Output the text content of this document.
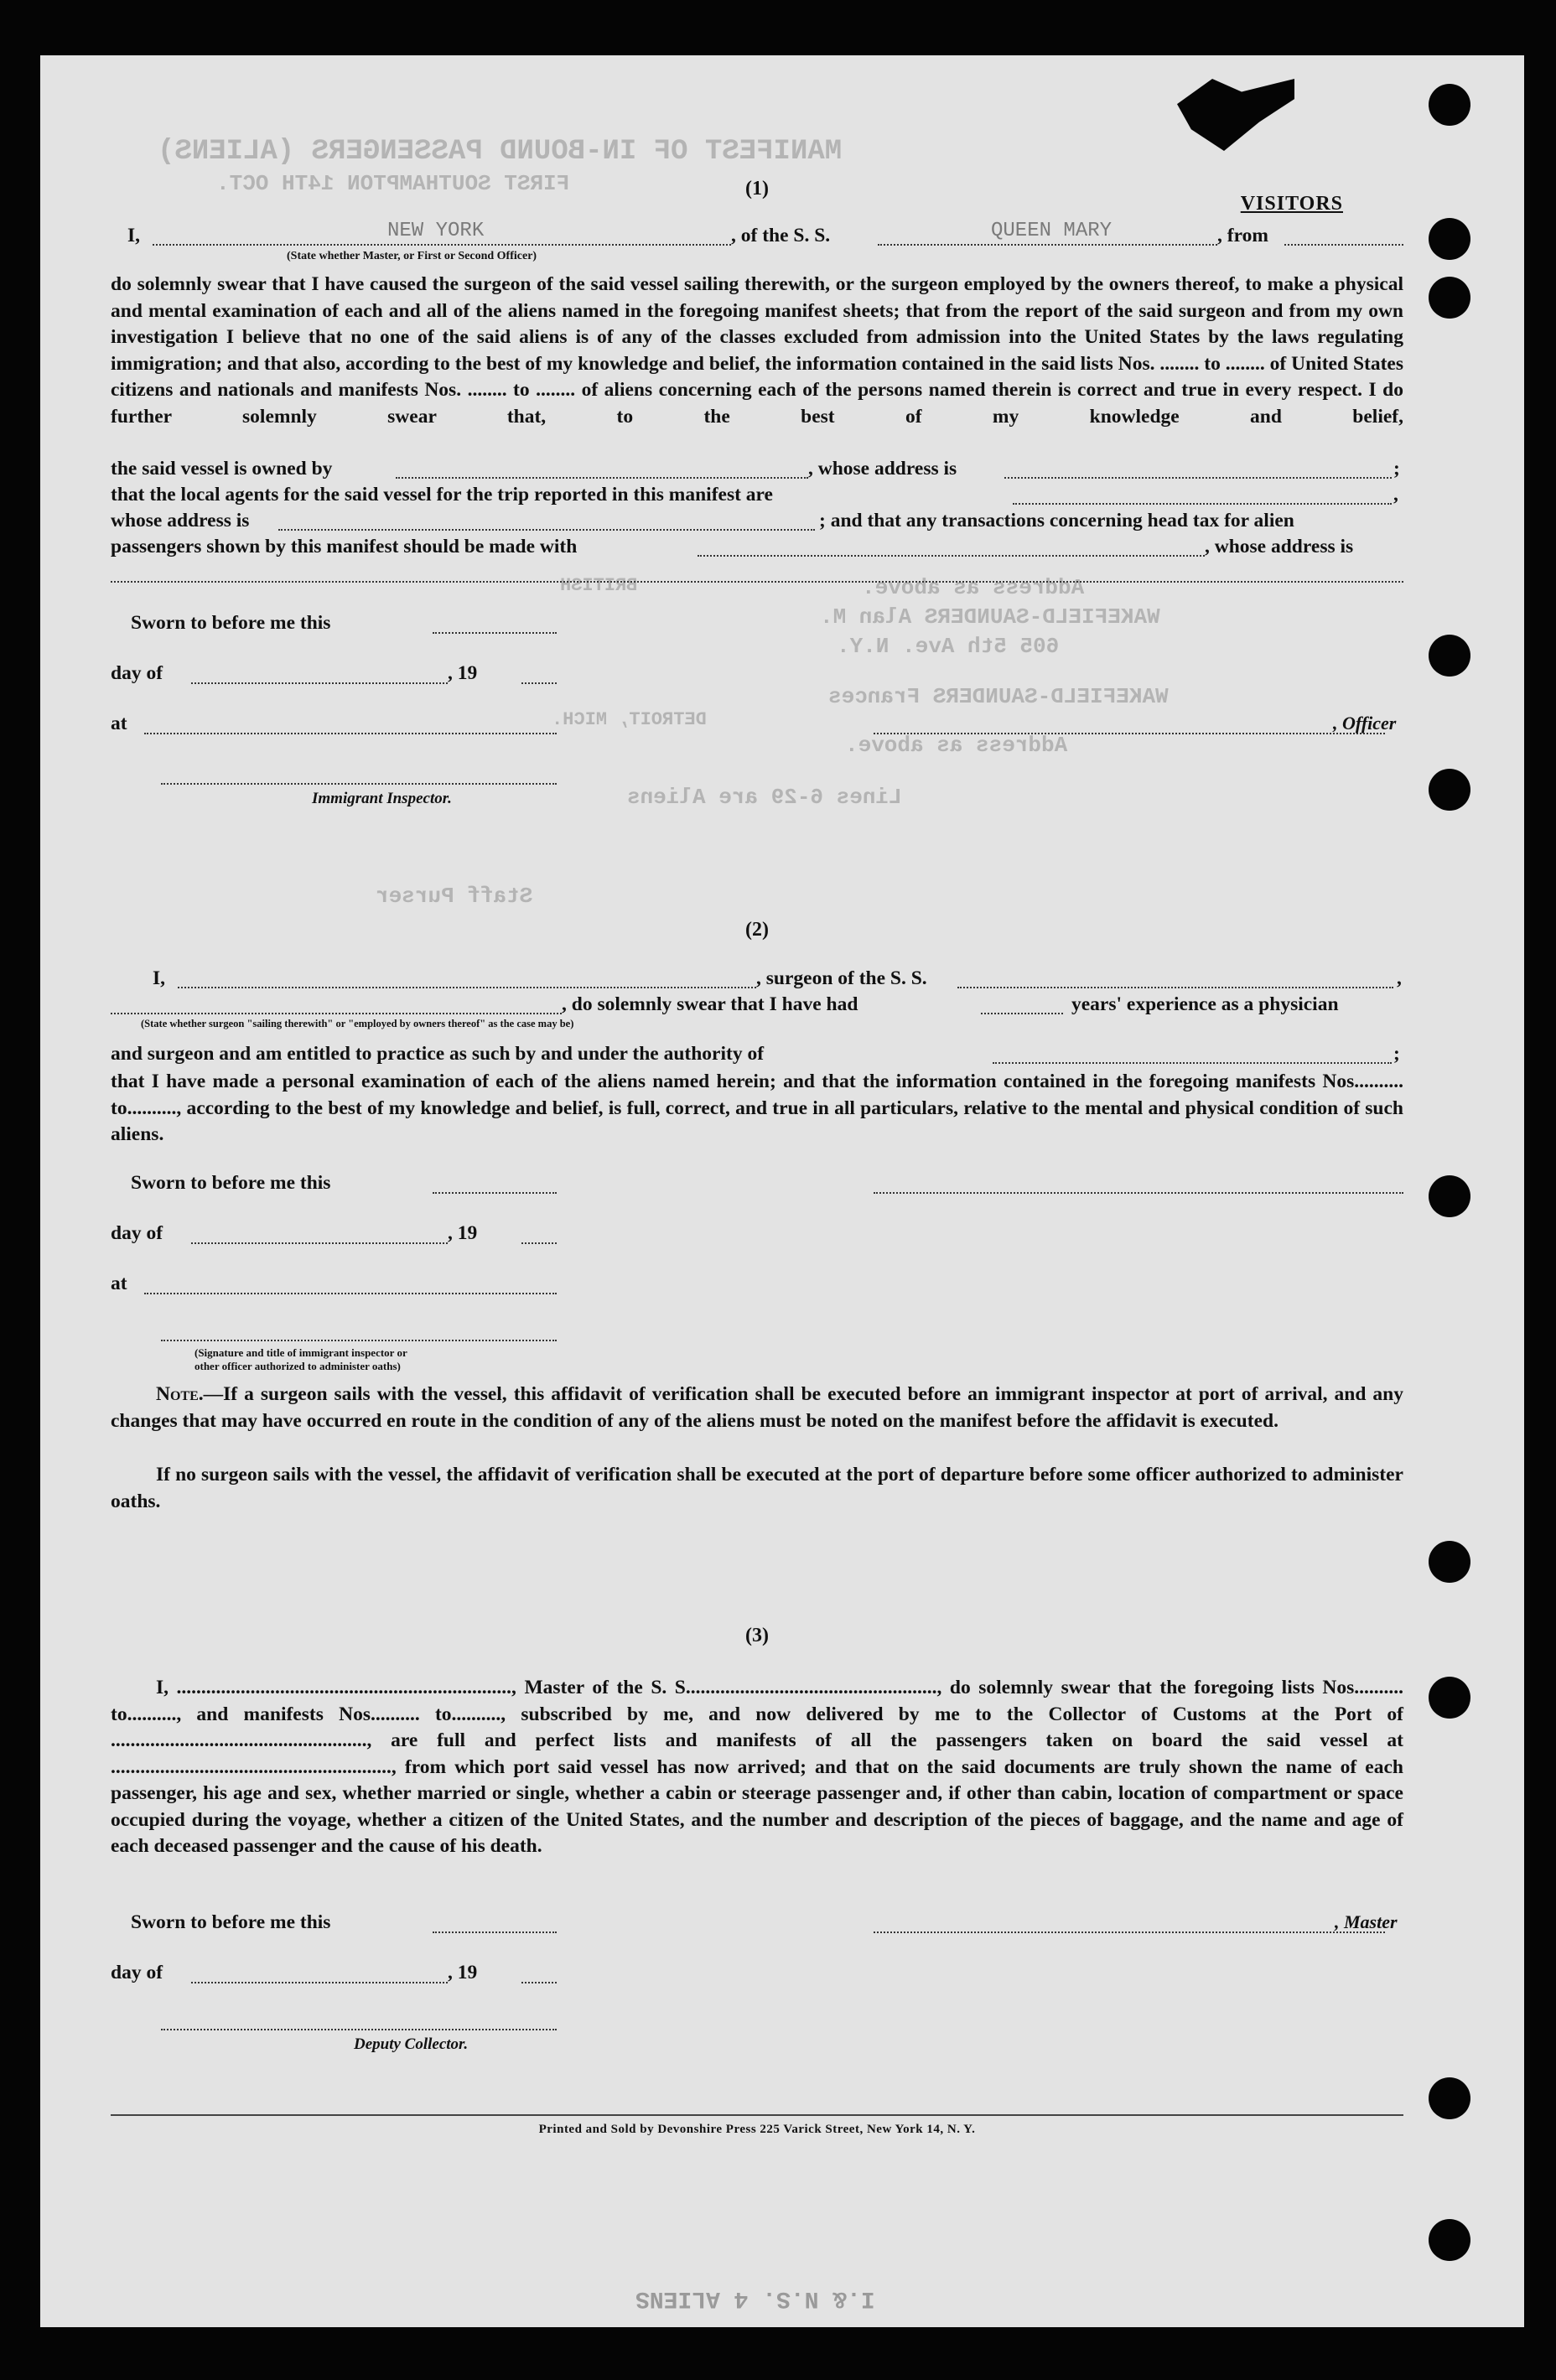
MANIFEST OF IN-BOUND PASSENGERS (ALIENS)
FIRST SOUTHAMPTON 14TH OCT.
Address as above.
WAKEFIELD-SAUNDERS Alan M.
605 5th Ave. N.Y.
WAKEFIELD-SAUNDERS Frances
Address as above.
Lines 6-29 are Aliens
BRITISH
DETROIT, MICH.
Staff Purser
I.& N.S. 4 ALIENS
(1)
VISITORS
I,	NEW YORK	, of the S. S.	QUEEN MARY	, from
(State whether Master, or First or Second Officer)
do solemnly swear that I have caused the surgeon of the said vessel sailing therewith, or the surgeon employed by the owners thereof, to make a physical and mental examination of each and all of the aliens named in the foregoing manifest sheets; that from the report of the said surgeon and from my own investigation I believe that no one of the said aliens is of any of the classes excluded from admission into the United States by the laws regulating immigration; and that also, according to the best of my knowledge and belief, the information contained in the said lists Nos. ........ to ........ of United States citizens and nationals and manifests Nos. ........ to ........ of aliens concerning each of the persons named therein is correct and true in every respect. I do further solemnly swear that, to the best of my knowledge and belief,
the said vessel is owned by	, whose address is	;
that the local agents for the said vessel for the trip reported in this manifest are	,
whose address is	; and that any transactions concerning head tax for alien
passengers shown by this manifest should be made with	, whose address is
Sworn to before me this
day of	, 19
at	, Officer
Immigrant Inspector.
(2)
I,	, surgeon of the S. S.	,
, do solemnly swear that I have had	years' experience as a physician
(State whether surgeon "sailing therewith" or "employed by owners thereof" as the case may be)
and surgeon and am entitled to practice as such by and under the authority of	;
that I have made a personal examination of each of the aliens named herein; and that the information contained in the foregoing manifests Nos.......... to.........., according to the best of my knowledge and belief, is full, correct, and true in all particulars, relative to the mental and physical condition of such aliens.
Sworn to before me this
day of	, 19
at
(Signature and title of immigrant inspector or
other officer authorized to administer oaths)
Note.—If a surgeon sails with the vessel, this affidavit of verification shall be executed before an immigrant inspector at port of arrival, and any changes that may have occurred en route in the condition of any of the aliens must be noted on the manifest before the affidavit is executed.
If no surgeon sails with the vessel, the affidavit of verification shall be executed at the port of departure before some officer authorized to administer oaths.
(3)
I, ...................................................................., Master of the S. S..................................................., do solemnly swear that the foregoing lists Nos.......... to.........., and manifests Nos.......... to.........., subscribed by me, and now delivered by me to the Collector of Customs at the Port of ...................................................., are full and perfect lists and manifests of all the passengers taken on board the said vessel at ........................................................., from which port said vessel has now arrived; and that on the said documents are truly shown the name of each passenger, his age and sex, whether married or single, whether a cabin or steerage passenger and, if other than cabin, location of compartment or space occupied during the voyage, whether a citizen of the United States, and the number and description of the pieces of baggage, and the name and age of each deceased passenger and the cause of his death.
Sworn to before me this	, Master
day of	, 19
Deputy Collector.
Printed and Sold by Devonshire Press 225 Varick Street, New York 14, N. Y.
